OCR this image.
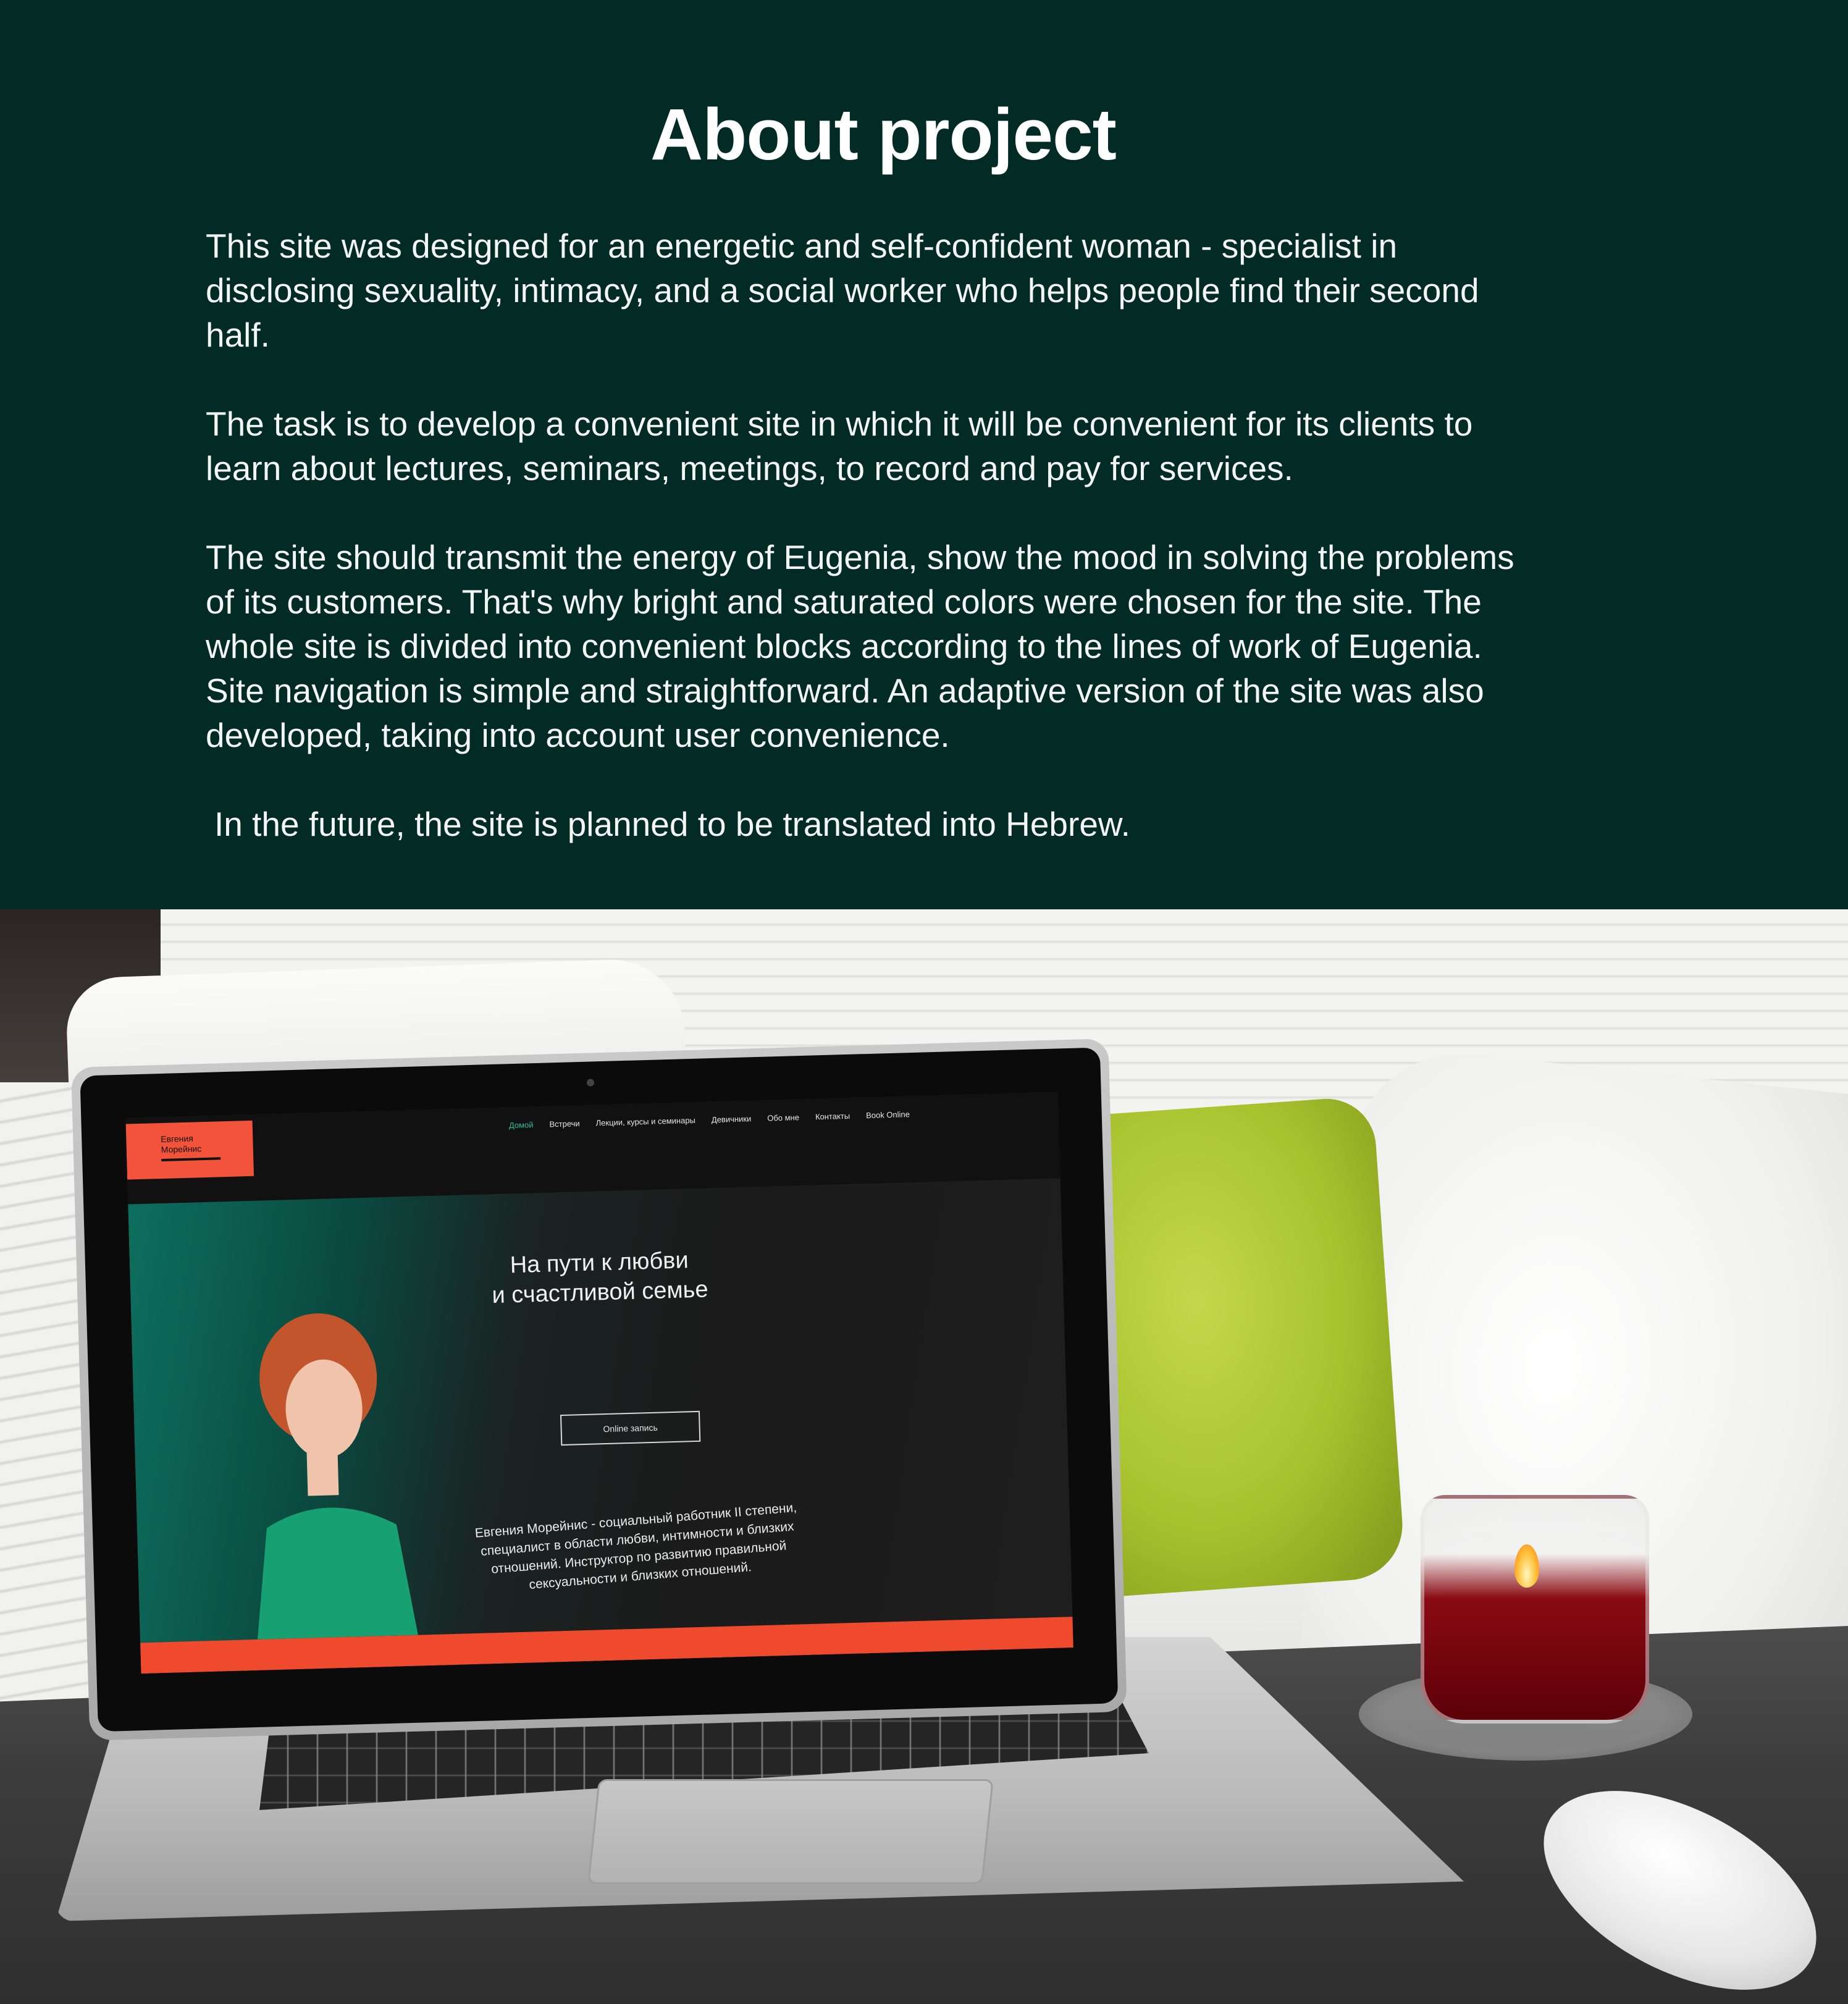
About project

This site was designed for an energetic and self-confident woman - specialist in
disclosing sexuality, intimacy, and a social worker who helps people find their second
half.

The task is to develop a convenient site in which it will be convenient for its clients to
learn about lectures, seminars, meetings, to record and pay for services.

The site should transmit the energy of Eugenia, show the mood in solving the problems
of its customers. That's why bright and saturated colors were chosen for the site. The
whole site is divided into convenient blocks according to the lines of work of Eugenia.
Site navigation is simple and straightforward. An adaptive version of the site was also
developed, taking into account user convenience.

In the future, the site is planned to be translated into Hebrew.

Евгения
Морейнис
Домой Встречи Лекции, курсы и семинары Девичники Обо мне Контакты Book Online
На пути к любви
и счастливой семье
Online запись
Евгения Морейнис - социальный работник II степени,
специалист в области любви, интимности и близких
отношений. Инструктор по развитию правильной
сексуальности и близких отношений.
